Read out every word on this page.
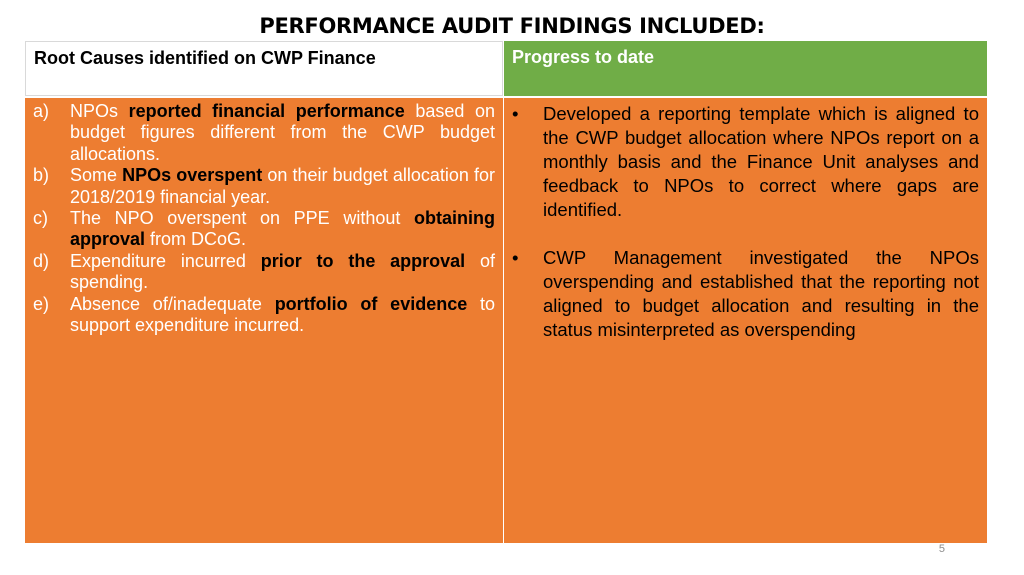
PERFORMANCE AUDIT FINDINGS INCLUDED:
Root Causes identified on CWP Finance	Progress to date
a)	NPOs reported financial performance based on budget figures different from the CWP budget allocations.
b)	Some NPOs overspent on their budget allocation for 2018/2019 financial year.
c)	The NPO overspent on PPE without obtaining approval from DCoG.
d)	Expenditure incurred prior to the approval of spending.
e)	Absence of/inadequate portfolio of evidence to support expenditure incurred.
•	Developed a reporting template which is aligned to the CWP budget allocation where NPOs report on a monthly basis and the Finance Unit analyses and feedback to NPOs to correct where gaps are identified.
•	CWP Management investigated the NPOs overspending and established that the reporting not aligned to budget allocation and resulting in the status misinterpreted as overspending
5
